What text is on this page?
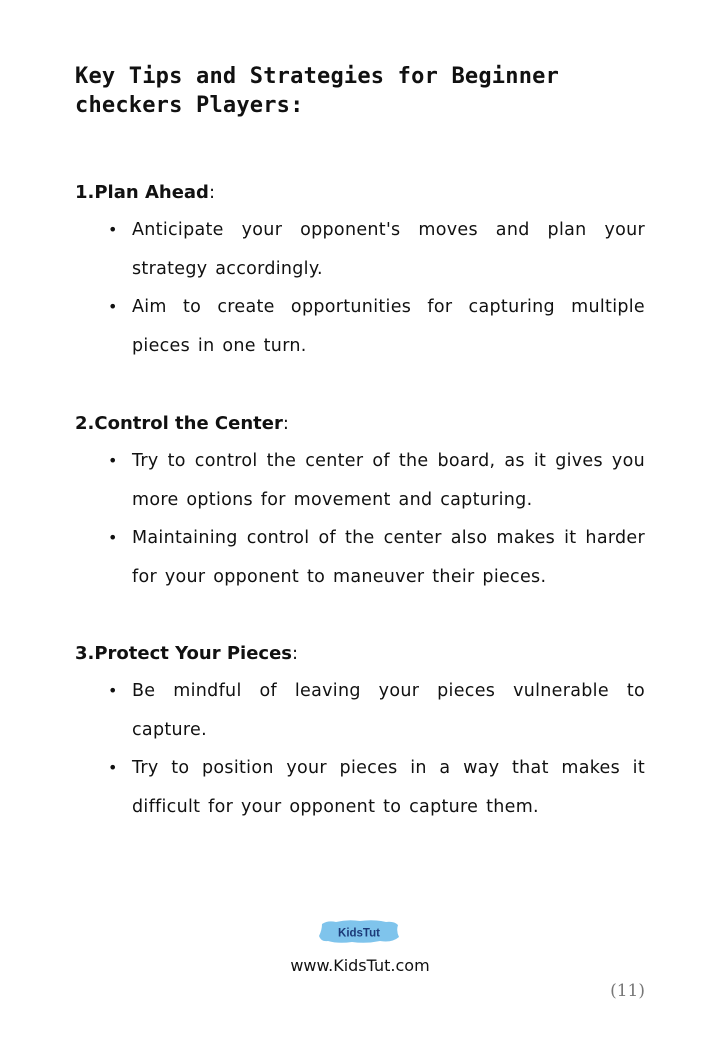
Key Tips and Strategies for Beginner checkers Players:
1.Plan Ahead:
• Anticipate your opponent's moves and plan your strategy accordingly.
• Aim to create opportunities for capturing multiple pieces in one turn.
2.Control the Center:
• Try to control the center of the board, as it gives you more options for movement and capturing.
• Maintaining control of the center also makes it harder for your opponent to maneuver their pieces.
3.Protect Your Pieces:
• Be mindful of leaving your pieces vulnerable to capture.
• Try to position your pieces in a way that makes it difficult for your opponent to capture them.
KidsTut
www.KidsTut.com
(11)
